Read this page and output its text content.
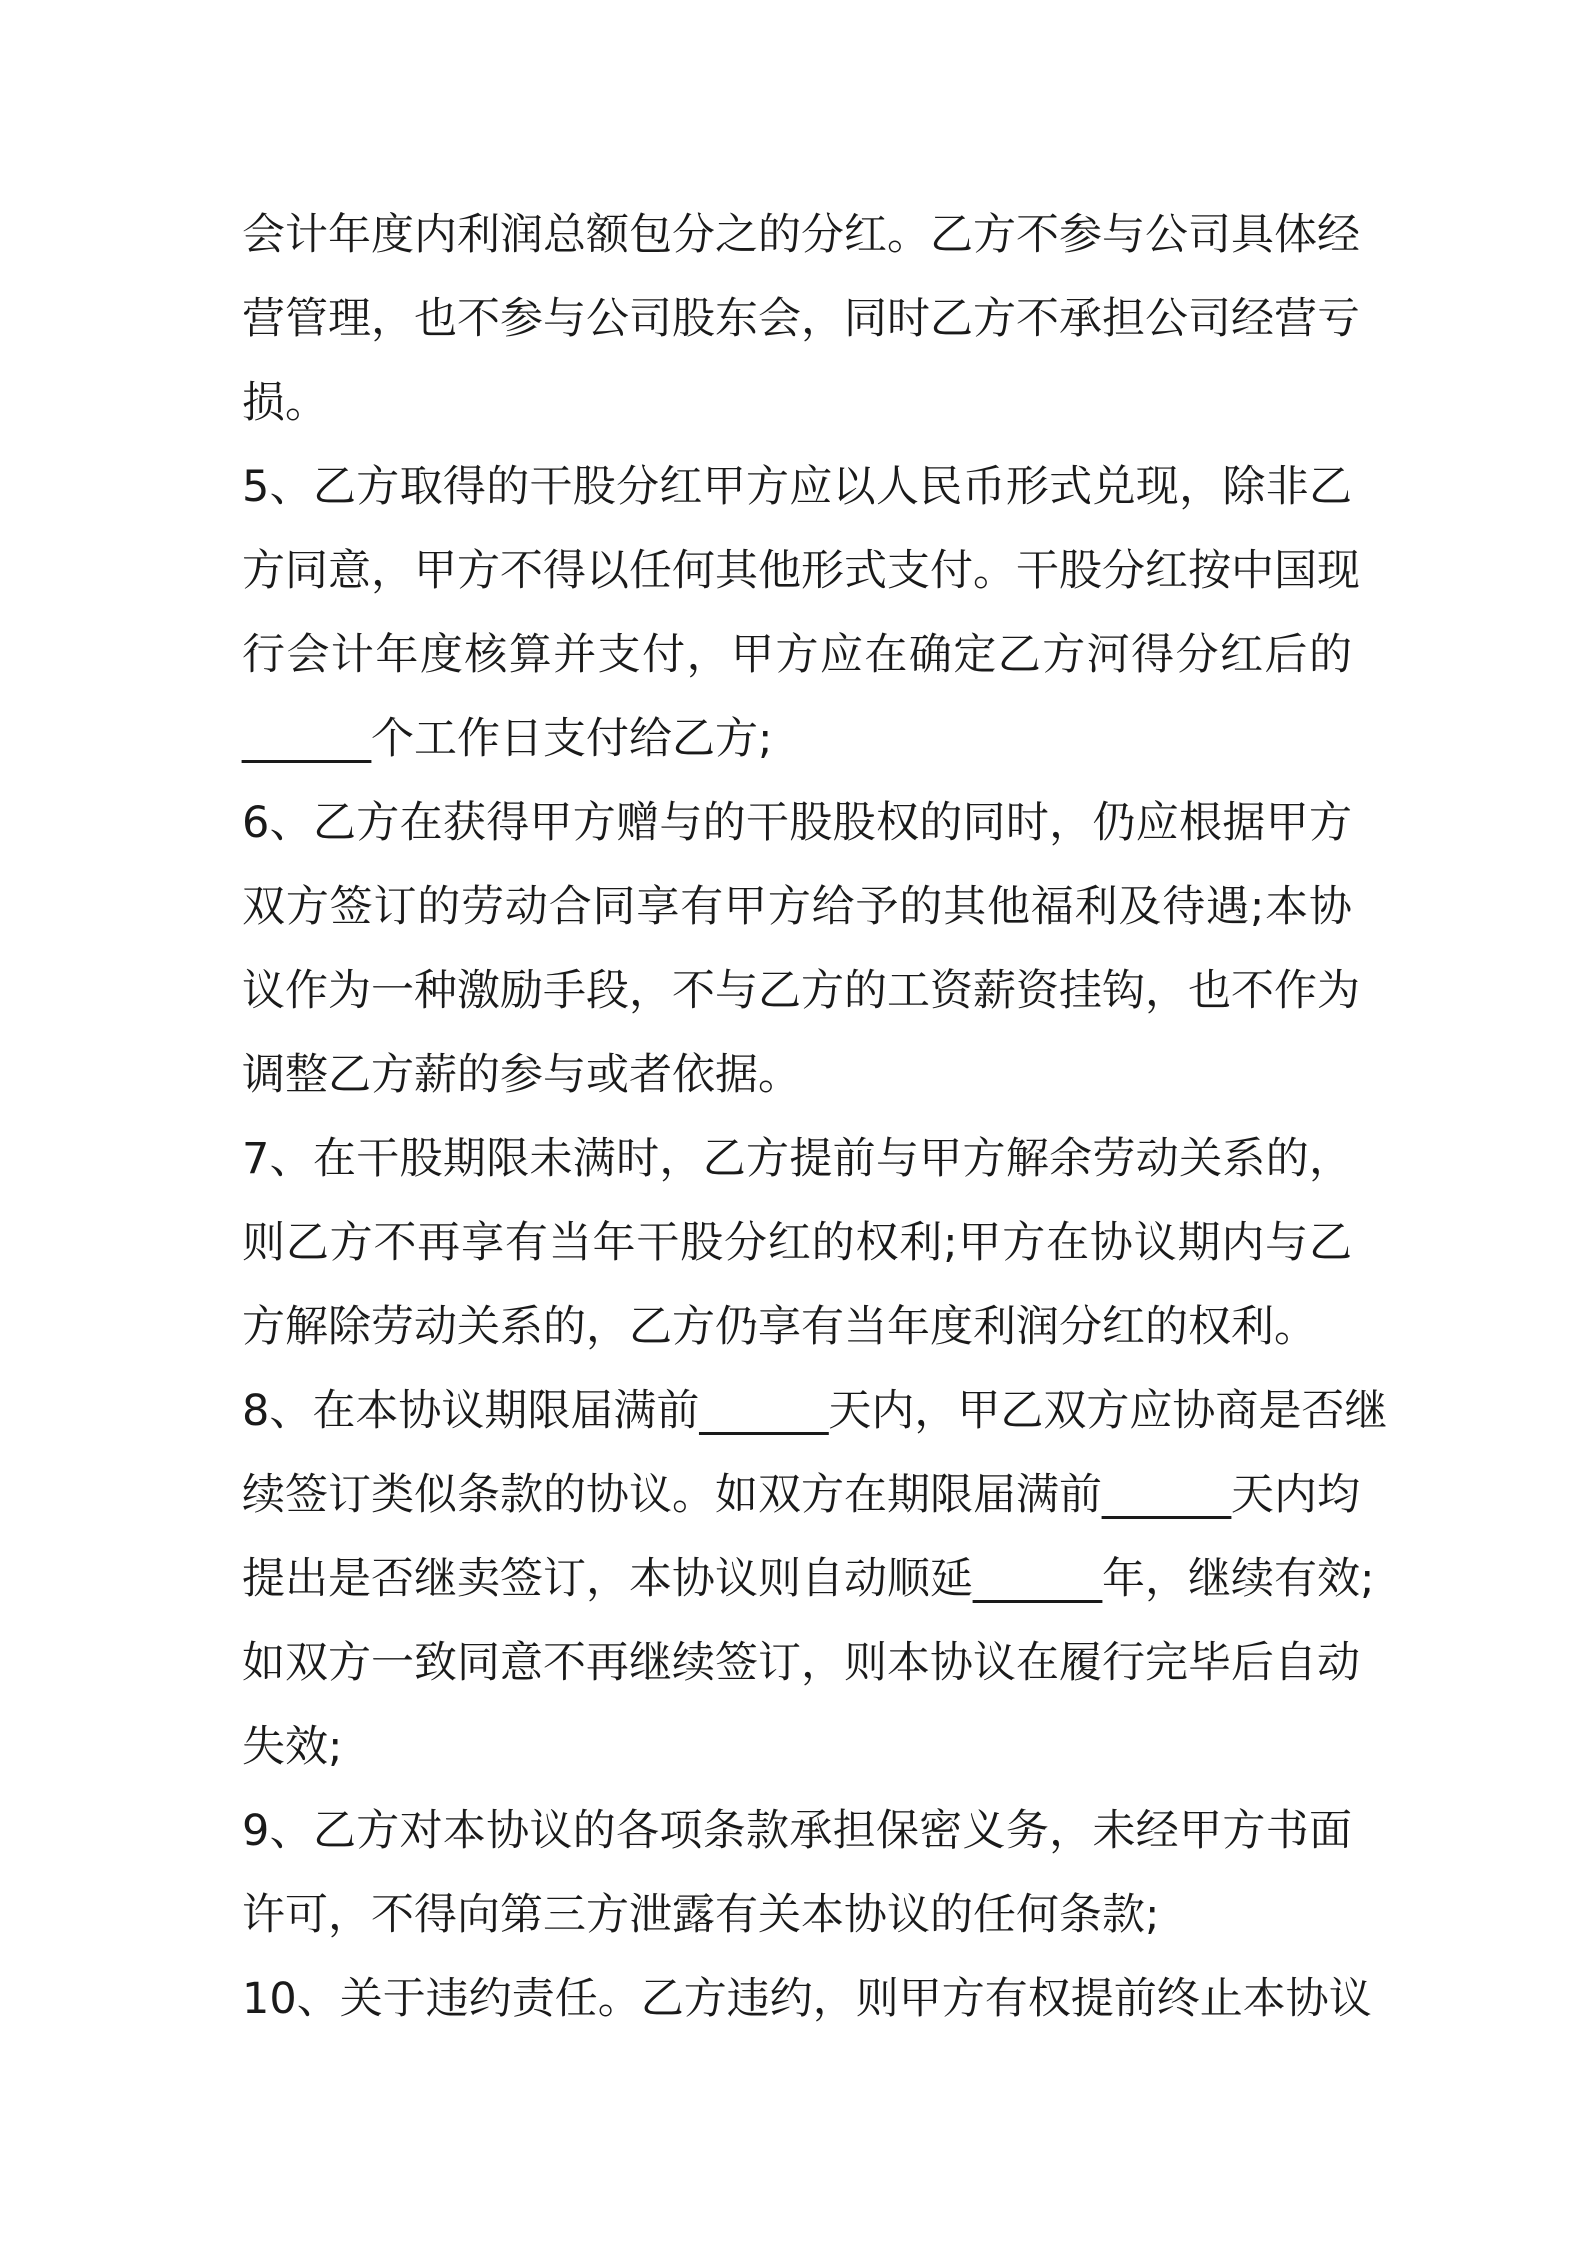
会计年度内利润总额包分之的分红。乙方不参与公司具体经
营管理，也不参与公司股东会，同时乙方不承担公司经营亏
损。
5、乙方取得的干股分红甲方应以人民币形式兑现，除非乙
方同意，甲方不得以任何其他形式支付。干股分红按中国现
行会计年度核算并支付，甲方应在确定乙方河得分红后的
______个工作日支付给乙方;
6、乙方在获得甲方赠与的干股股权的同时，仍应根据甲方
双方签订的劳动合同享有甲方给予的其他福利及待遇;本协
议作为一种激励手段，不与乙方的工资薪资挂钩，也不作为
调整乙方薪的参与或者依据。
7、在干股期限未满时，乙方提前与甲方解余劳动关系的，
则乙方不再享有当年干股分红的权利;甲方在协议期内与乙
方解除劳动关系的，乙方仍享有当年度利润分红的权利。
8、在本协议期限届满前______天内，甲乙双方应协商是否继
续签订类似条款的协议。如双方在期限届满前______天内均
提出是否继卖签订，本协议则自动顺延______年，继续有效;
如双方一致同意不再继续签订，则本协议在履行完毕后自动
失效;
9、乙方对本协议的各项条款承担保密义务，未经甲方书面
许可，不得向第三方泄露有关本协议的任何条款;
10、关于违约责任。乙方违约，则甲方有权提前终止本协议
